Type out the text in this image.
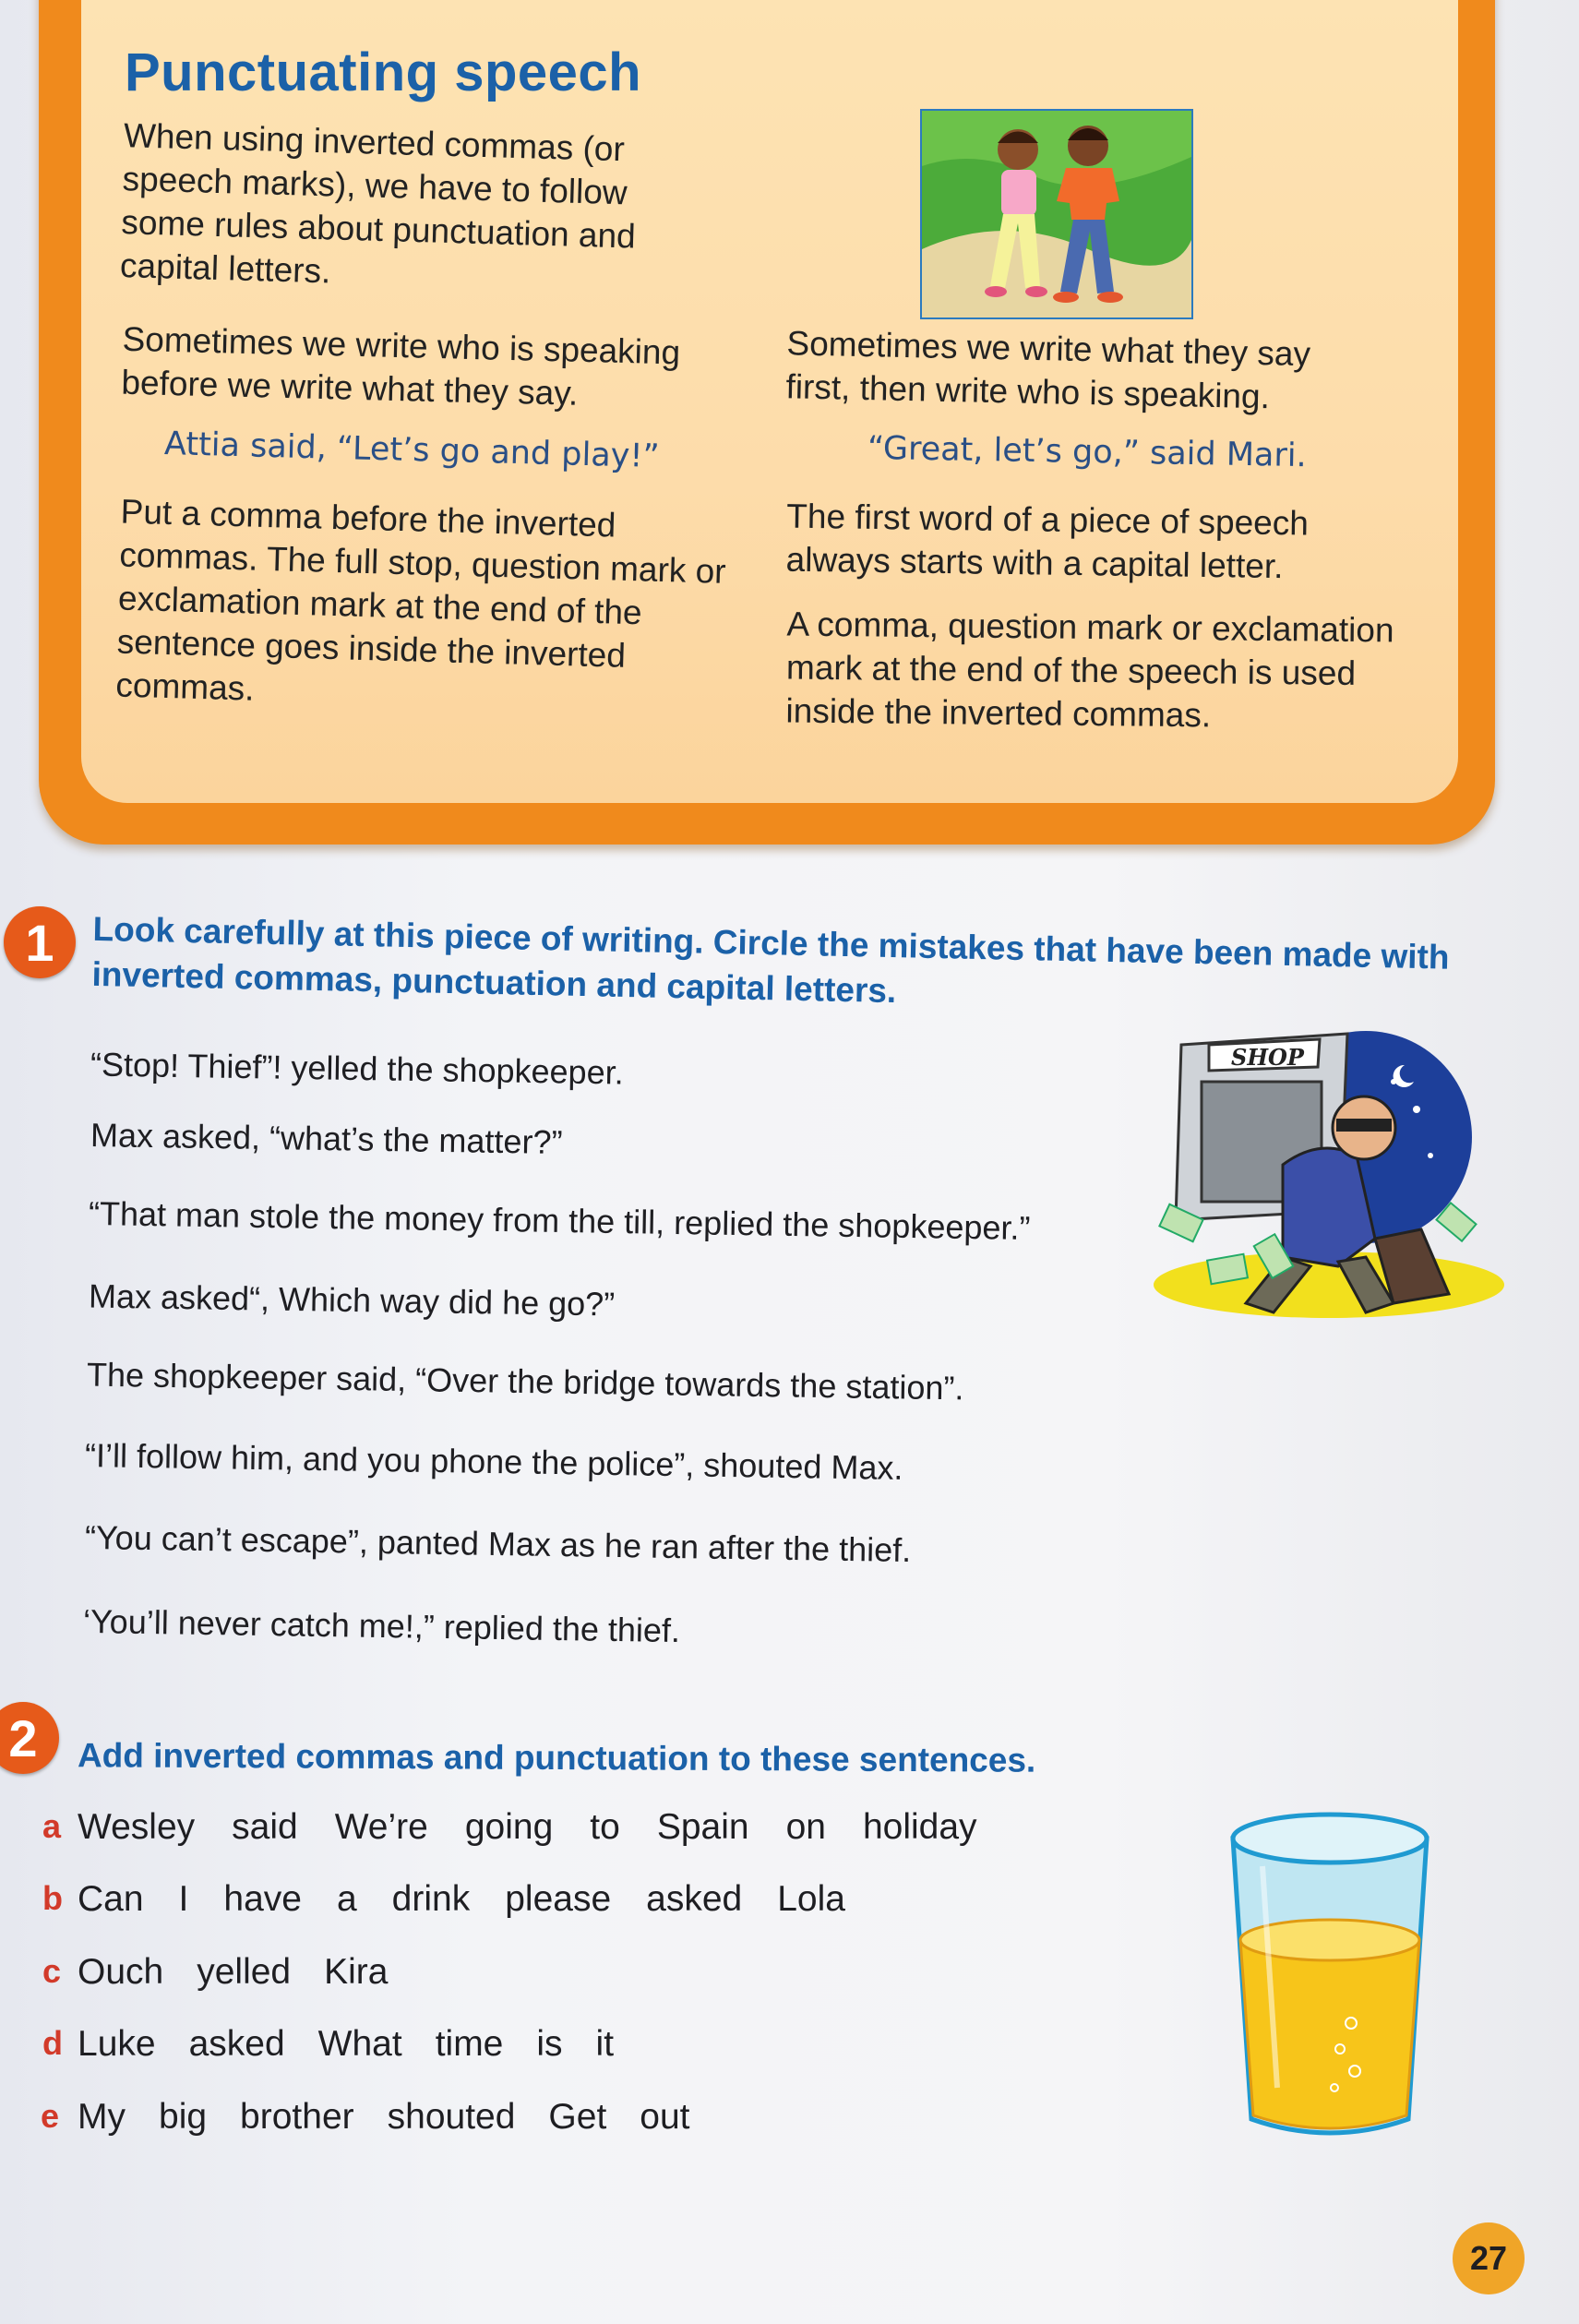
Punctuating speech

When using inverted commas (or speech marks), we have to follow some rules about punctuation and capital letters.

Sometimes we write who is speaking before we write what they say.

Attia said, “Let’s go and play!”

Put a comma before the inverted commas. The full stop, question mark or exclamation mark at the end of the sentence goes inside the inverted commas.

Sometimes we write what they say first, then write who is speaking.

“Great, let’s go,” said Mari.

The first word of a piece of speech always starts with a capital letter.

A comma, question mark or exclamation mark at the end of the speech is used inside the inverted commas.

1	Look carefully at this piece of writing. Circle the mistakes that have been made with inverted commas, punctuation and capital letters.

“Stop! Thief”! yelled the shopkeeper.

Max asked, “what’s the matter?”

“That man stole the money from the till, replied the shopkeeper.”

Max asked“, Which way did he go?”

The shopkeeper said, “Over the bridge towards the station”.

“I’ll follow him, and you phone the police”, shouted Max.

“You can’t escape”, panted Max as he ran after the thief.

‘You’ll never catch me!,” replied the thief.

SHOP
2	Add inverted commas and punctuation to these sentences.

a Wesley said We’re going to Spain on holiday
b Can I have a drink please asked Lola
c Ouch yelled Kira
d Luke asked What time is it
e My big brother shouted Get out
27
